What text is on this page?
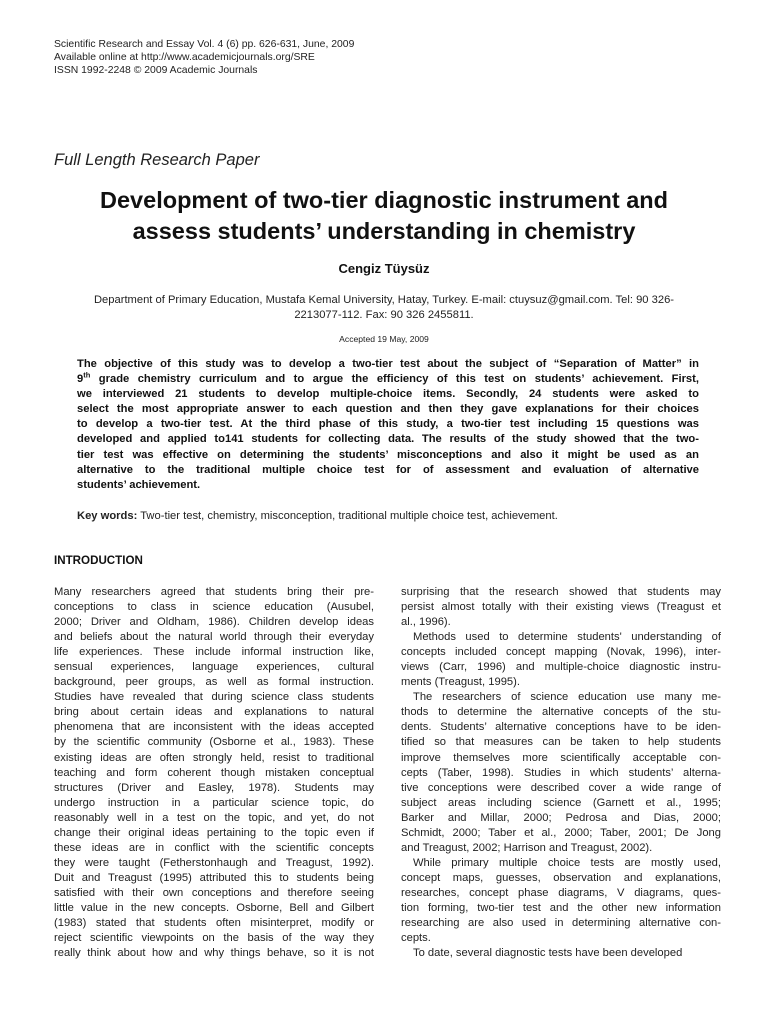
Scientific Research and Essay Vol. 4 (6) pp. 626-631, June, 2009
Available online at http://www.academicjournals.org/SRE
ISSN 1992-2248 © 2009 Academic Journals
Full Length Research Paper
Development of two-tier diagnostic instrument and
assess students’ understanding in chemistry
Cengiz Tüysüz
Department of Primary Education, Mustafa Kemal University, Hatay, Turkey. E-mail: ctuysuz@gmail.com. Tel: 90 326-
2213077-112. Fax: 90 326 2455811.
Accepted 19 May, 2009
The objective of this study was to develop a two-tier test about the subject of “Separation of Matter” in
9th grade chemistry curriculum and to argue the efficiency of this test on students’ achievement. First,
we interviewed 21 students to develop multiple-choice items. Secondly, 24 students were asked to
select the most appropriate answer to each question and then they gave explanations for their choices
to develop a two-tier test. At the third phase of this study, a two-tier test including 15 questions was
developed and applied to141 students for collecting data. The results of the study showed that the two-
tier test was effective on determining the students’ misconceptions and also it might be used as an
alternative to the traditional multiple choice test for of assessment and evaluation of alternative
students’ achievement.
Key words: Two-tier test, chemistry, misconception, traditional multiple choice test, achievement.
INTRODUCTION
Many researchers agreed that students bring their pre-
conceptions to class in science education (Ausubel,
2000; Driver and Oldham, 1986). Children develop ideas
and beliefs about the natural world through their everyday
life experiences. These include informal instruction like,
sensual experiences, language experiences, cultural
background, peer groups, as well as formal instruction.
Studies have revealed that during science class students
bring about certain ideas and explanations to natural
phenomena that are inconsistent with the ideas accepted
by the scientific community (Osborne et al., 1983). These
existing ideas are often strongly held, resist to traditional
teaching and form coherent though mistaken conceptual
structures (Driver and Easley, 1978). Students may
undergo instruction in a particular science topic, do
reasonably well in a test on the topic, and yet, do not
change their original ideas pertaining to the topic even if
these ideas are in conflict with the scientific concepts
they were taught (Fetherstonhaugh and Treagust, 1992).
Duit and Treagust (1995) attributed this to students being
satisfied with their own conceptions and therefore seeing
little value in the new concepts. Osborne, Bell and Gilbert
(1983) stated that students often misinterpret, modify or
reject scientific viewpoints on the basis of the way they
really think about how and why things behave, so it is not
surprising that the research showed that students may
persist almost totally with their existing views (Treagust et
al., 1996).
Methods used to determine students' understanding of
concepts included concept mapping (Novak, 1996), inter-
views (Carr, 1996) and multiple-choice diagnostic instru-
ments (Treagust, 1995).
The researchers of science education use many me-
thods to determine the alternative concepts of the stu-
dents. Students’ alternative conceptions have to be iden-
tified so that measures can be taken to help students
improve themselves more scientifically acceptable con-
cepts (Taber, 1998). Studies in which students’ alterna-
tive conceptions were described cover a wide range of
subject areas including science (Garnett et al., 1995;
Barker and Millar, 2000; Pedrosa and Dias, 2000;
Schmidt, 2000; Taber et al., 2000; Taber, 2001; De Jong
and Treagust, 2002; Harrison and Treagust, 2002).
While primary multiple choice tests are mostly used,
concept maps, guesses, observation and explanations,
researches, concept phase diagrams, V diagrams, ques-
tion forming, two-tier test and the other new information
researching are also used in determining alternative con-
cepts.
To date, several diagnostic tests have been developed
